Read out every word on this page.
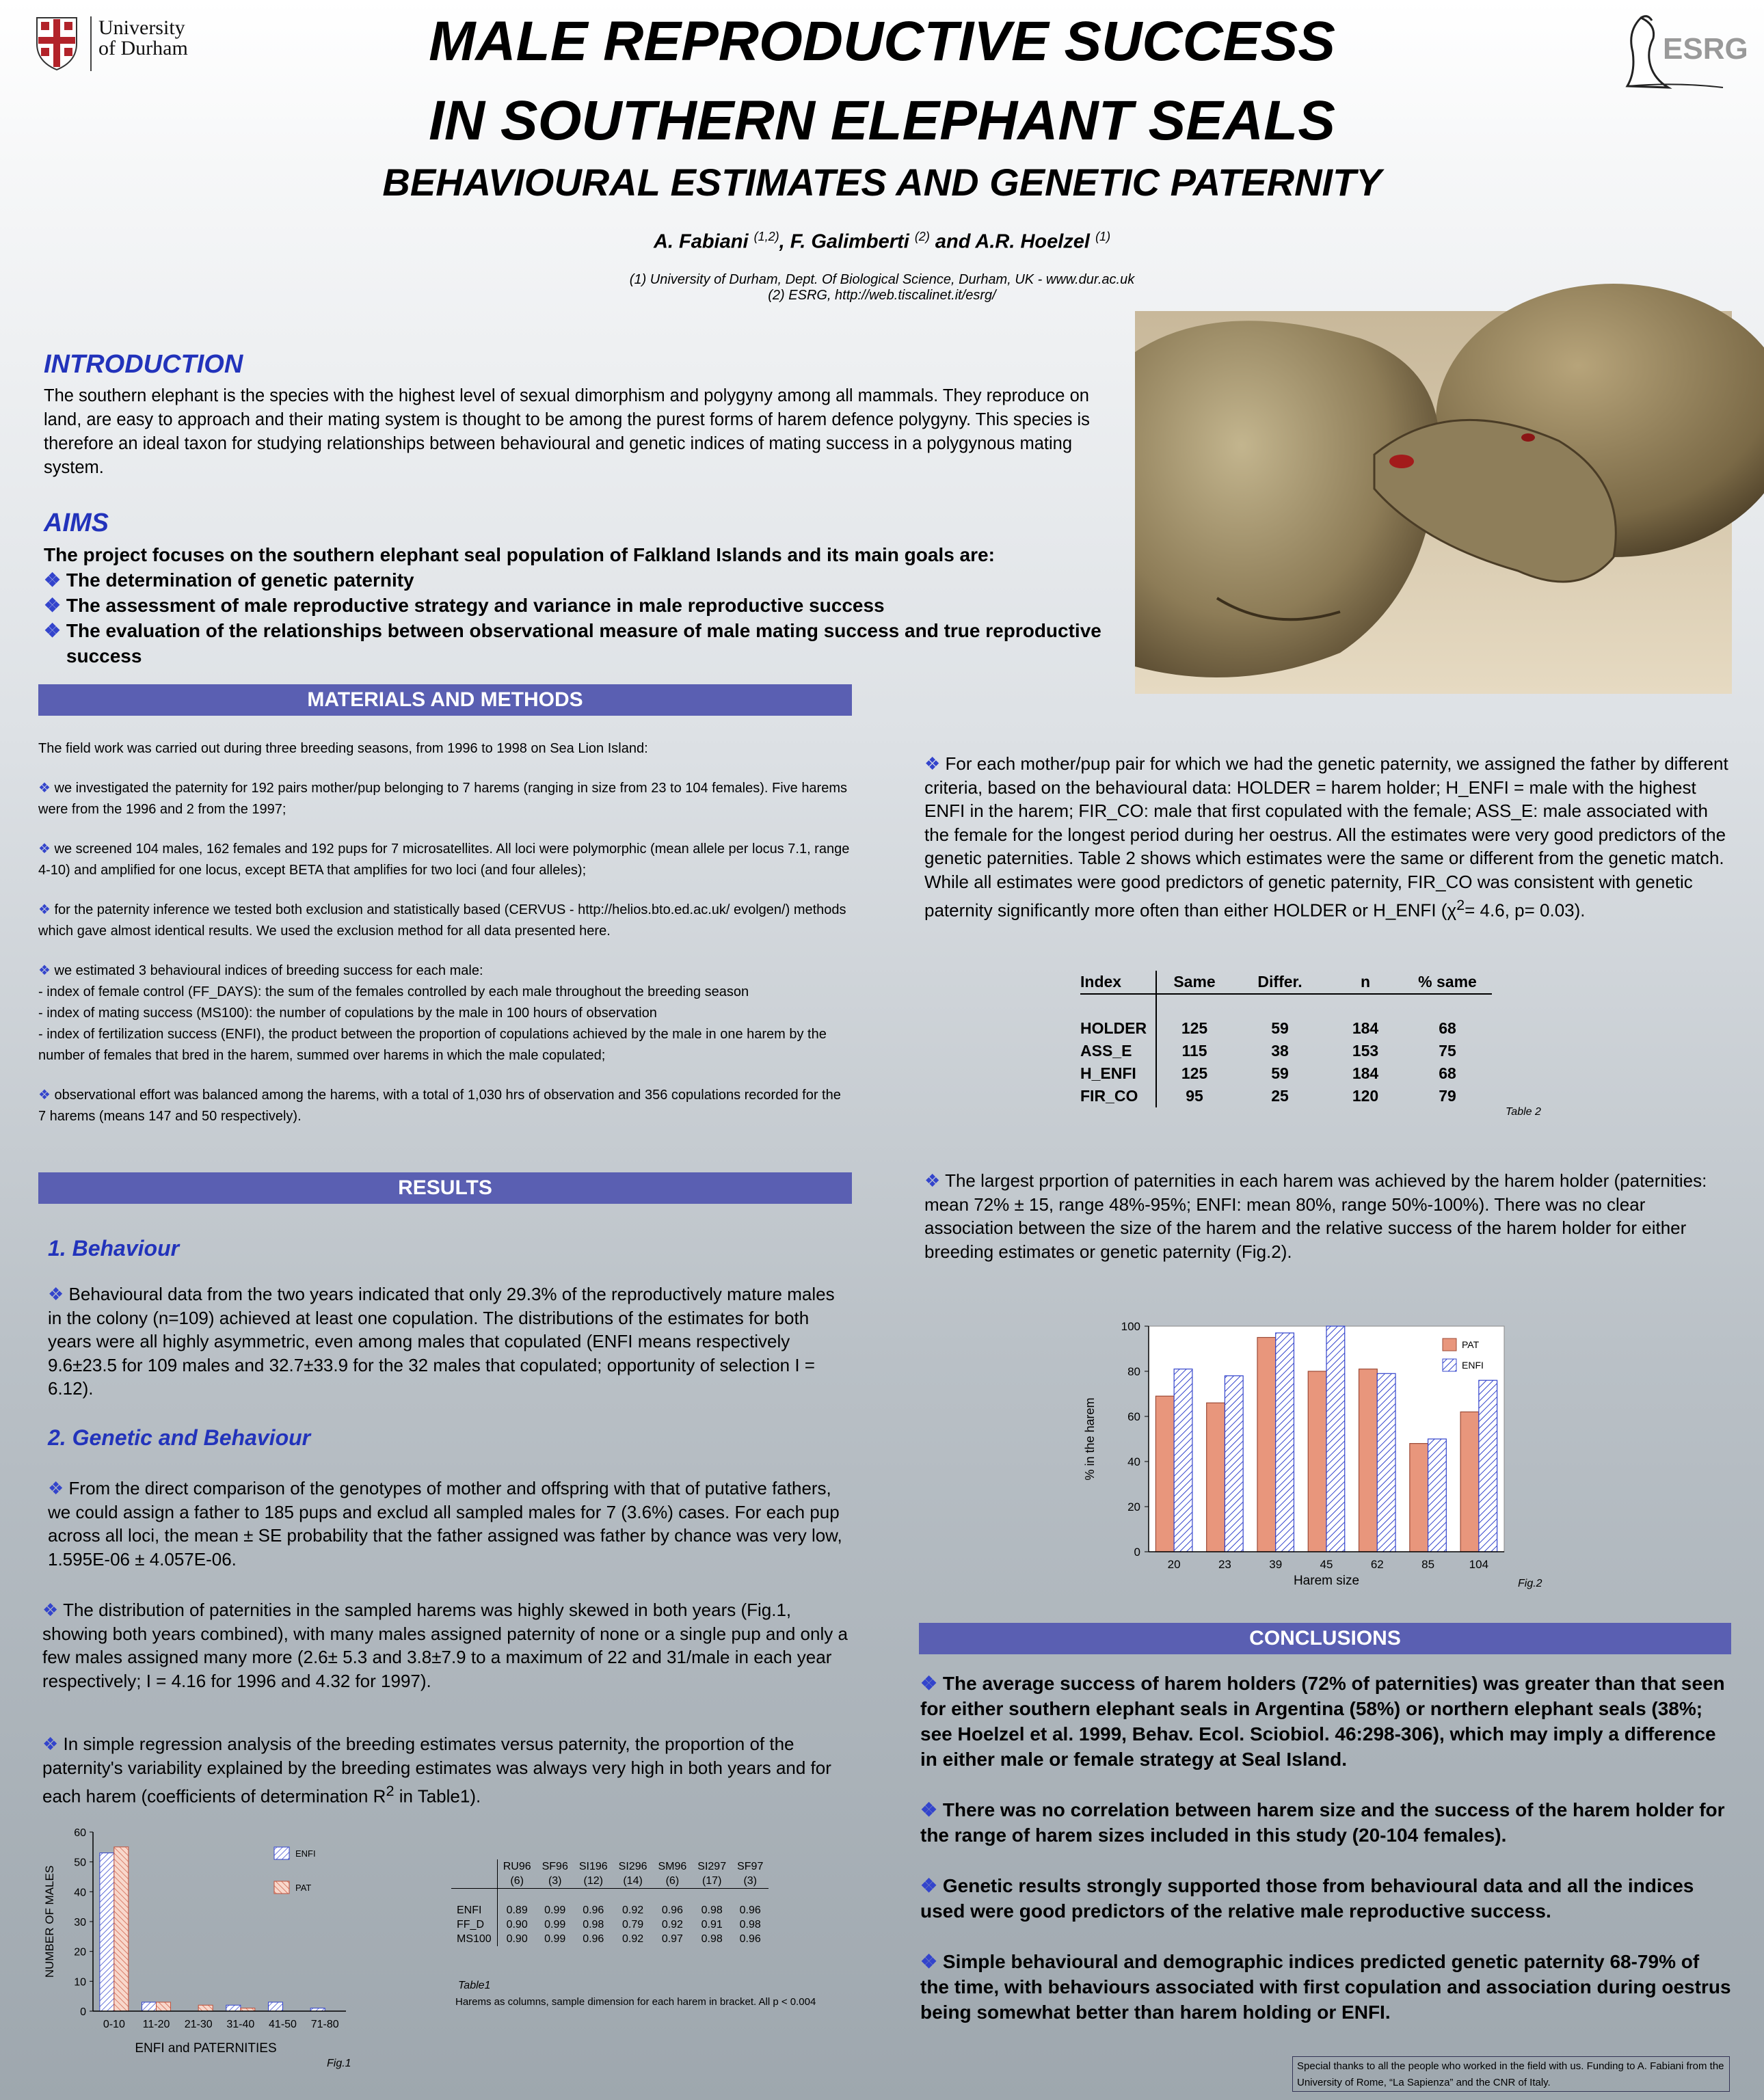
University
of Durham	ESRG
MALE REPRODUCTIVE SUCCESS
IN SOUTHERN ELEPHANT SEALS
BEHAVIOURAL ESTIMATES AND GENETIC PATERNITY
A. Fabiani $^{(1,2)}$, F. Galimberti $^{(2)}$ and A.R. Hoelzel $^{(1)}$
(1) University of Durham, Dept. Of Biological Science, Durham, UK - www.dur.ac.uk
(2) ESRG, http://web.tiscalinet.it/esrg/
INTRODUCTION
The southern elephant is the species with the highest level of sexual dimorphism and polygyny among all mammals. They reproduce on land, are easy to approach and their mating system is thought to be among the purest forms of harem defence polygyny. This species is therefore an ideal taxon for studying relationships between behavioural and genetic indices of mating success in a polygynous mating system.
AIMS
The project focuses on the southern elephant seal population of Falkland Islands and its main goals are:
❖ The determination of genetic paternity
❖ The assessment of male reproductive strategy and variance in male reproductive success
❖ The evaluation of the relationships between observational measure of male mating success and true reproductive success
MATERIALS AND METHODS
The field work was carried out during three breeding seasons, from 1996 to 1998 on Sea Lion Island:
❖ we investigated the paternity for 192 pairs mother/pup belonging to 7 harems (ranging in size from 23 to 104 females). Five harems were from the 1996 and 2 from the 1997;
❖ we screened 104 males, 162 females and 192 pups for 7 microsatellites. All loci were polymorphic (mean allele per locus 7.1, range 4-10) and amplified for one locus, except BETA that amplifies for two loci (and four alleles);
❖ for the paternity inference we tested both exclusion and statistically based (CERVUS - http://helios.bto.ed.ac.uk/ evolgen/) methods which gave almost identical results. We used the exclusion method for all data presented here.
❖ we estimated 3 behavioural indices of breeding success for each male:
- index of female control (FF_DAYS): the sum of the females controlled by each male throughout the breeding season
- index of mating success (MS100): the number of copulations by the male in 100 hours of observation
- index of fertilization success (ENFI), the product between the proportion of copulations achieved by the male in one harem by the number of females that bred in the harem, summed over harems in which the male copulated;
❖ observational effort was balanced among the harems, with a total of 1,030 hrs of observation and 356 copulations recorded for the 7 harems (means 147 and 50 respectively).
❖ For each mother/pup pair for which we had the genetic paternity, we assigned the father by different criteria, based on the behavioural data: HOLDER = harem holder; H_ENFI = male with the highest ENFI in the harem; FIR_CO: male that first copulated with the female; ASS_E: male associated with the female for the longest period during her oestrus. All the estimates were very good predictors of the genetic paternities. Table 2 shows which estimates were the same or different from the genetic match. While all estimates were good predictors of genetic paternity, FIR_CO was consistent with genetic paternity significantly more often than either HOLDER or H_ENFI ($\chi^2= 4.6$, p= 0.03).
Index	Same	Differ.	n	% same

HOLDER	125	59	184	68
ASS_E	115	38	153	75
H_ENFI	125	59	184	68
FIR_CO	95	25	120	79
Table 2
❖ The largest prportion of paternities in each harem was achieved by the harem holder (paternities: mean 72% ± 15, range 48%-95%; ENFI: mean 80%, range 50%-100%). There was no clear association between the size of the harem and the relative success of the harem holder for either breeding estimates or genetic paternity (Fig.2).
0
20
40
60
80
100
20	23	39	45	62	85	104
Harem size
% in the harem
PAT
ENFI
Fig.2
RESULTS
1. Behaviour
❖ Behavioural data from the two years indicated that only 29.3% of the reproductively mature males in the colony (n=109) achieved at least one copulation. The distributions of the estimates for both years were all highly asymmetric, even among males that copulated (ENFI means respectively 9.6±23.5 for 109 males and 32.7±33.9 for the 32 males that copulated; opportunity of selection I = 6.12).
2. Genetic and Behaviour
❖ From the direct comparison of the genotypes of mother and offspring with that of putative fathers, we could assign a father to 185 pups and exclud all sampled males for 7 (3.6%) cases. For each pup across all loci, the mean ± SE probability that the father assigned was father by chance was very low, 1.595E-06 ± 4.057E-06.
❖ The distribution of paternities in the sampled harems was highly skewed in both years (Fig.1, showing both years combined), with many males assigned paternity of none or a single pup and only a few males assigned many more (2.6± 5.3 and 3.8±7.9 to a maximum of 22 and 31/male in each year respectively; I = 4.16 for 1996 and 4.32 for 1997).
❖ In simple regression analysis of the breeding estimates versus paternity, the proportion of the paternity's variability explained by the breeding estimates was always very high in both years and for each harem (coefficients of determination $R^2$ in Table1).
0
10
20
30
40
50
60
0-10 11-20 21-30 31-40 41-50 71-80
ENFI and PATERNITIES
NUMBER OF MALES
ENFI
PAT
Fig.1
	RU96	SF96	SI196	SI296	SM96	SI297	SF97
	(6)	(3)	(12)	(14)	(6)	(17)	(3)

ENFI	0.89	0.99	0.96	0.92	0.96	0.98	0.96
FF_D	0.90	0.99	0.98	0.79	0.92	0.91	0.98
MS100	0.90	0.99	0.96	0.92	0.97	0.98	0.96
Table1
Harems as columns, sample dimension for each harem in bracket. All p < 0.004
CONCLUSIONS
❖ The average success of harem holders (72% of paternities) was greater than that seen for either southern elephant seals in Argentina (58%) or northern elephant seals (38%; see Hoelzel et al. 1999, Behav. Ecol. Sciobiol. 46:298-306), which may imply a difference in either male or female strategy at Seal Island.
❖ There was no correlation between harem size and the success of the harem holder for the range of harem sizes included in this study (20-104 females).
❖ Genetic results strongly supported those from behavioural data and all the indices used were good predictors of the relative male reproductive success.
❖ Simple behavioural and demographic indices predicted genetic paternity 68-79% of the time, with behaviours associated with first copulation and association during oestrus being somewhat better than harem holding or ENFI.
Special thanks to all the people who worked in the field with us. Funding to A. Fabiani from the University of Rome, “La Sapienza” and the CNR of Italy.
